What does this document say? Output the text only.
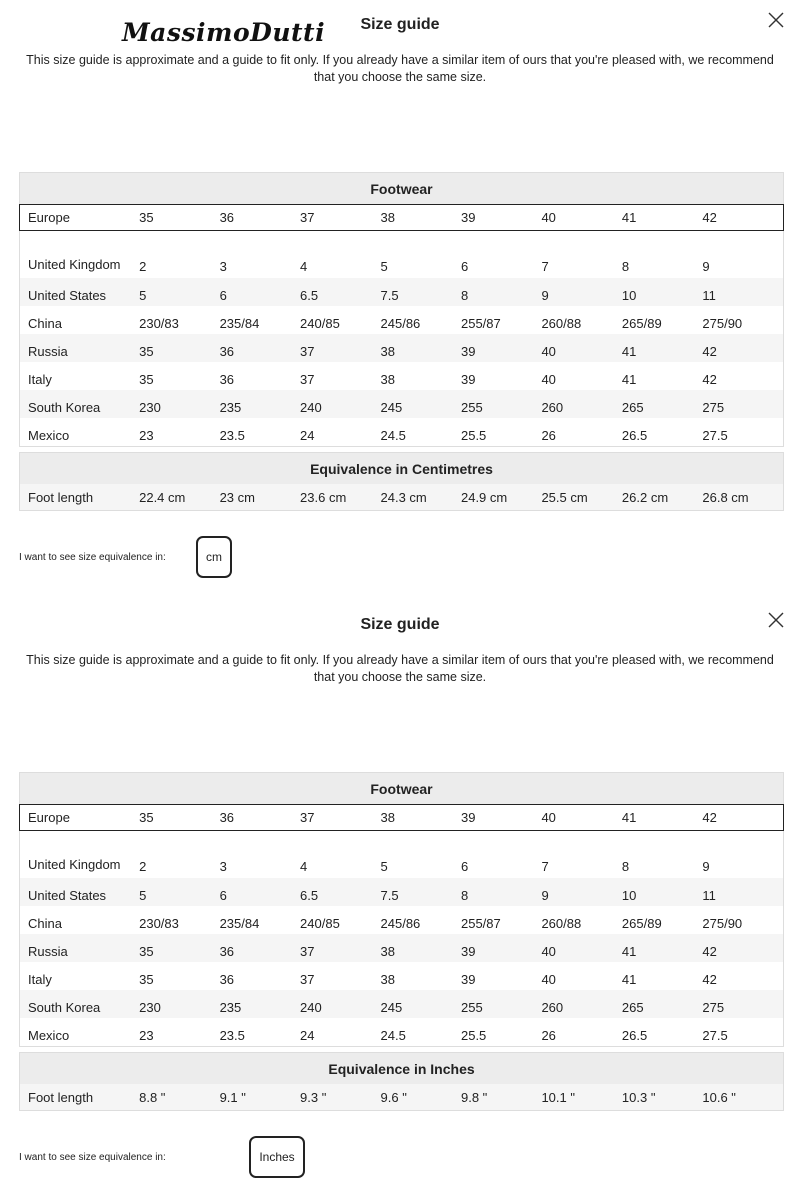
MassimoDutti	Size guide
This size guide is approximate and a guide to fit only. If you already have a similar item of ours that you're pleased with, we recommend that you choose the same size.
Footwear								
Europe	35	36	37	38	39	40	41	42
United Kingdom	2	3	4	5	6	7	8	9
United States	5	6	6.5	7.5	8	9	10	11
China	230/83	235/84	240/85	245/86	255/87	260/88	265/89	275/90
Russia	35	36	37	38	39	40	41	42
Italy	35	36	37	38	39	40	41	42
South Korea	230	235	240	245	255	260	265	275
Mexico	23	23.5	24	24.5	25.5	26	26.5	27.5
Equivalence in Centimetres
Foot length	22.4 cm	23 cm	23.6 cm	24.3 cm	24.9 cm	25.5 cm	26.2 cm	26.8 cm
I want to see size equivalence in:	cm
Size guide
This size guide is approximate and a guide to fit only. If you already have a similar item of ours that you're pleased with, we recommend that you choose the same size.
Footwear								
Europe	35	36	37	38	39	40	41	42
United Kingdom	2	3	4	5	6	7	8	9
United States	5	6	6.5	7.5	8	9	10	11
China	230/83	235/84	240/85	245/86	255/87	260/88	265/89	275/90
Russia	35	36	37	38	39	40	41	42
Italy	35	36	37	38	39	40	41	42
South Korea	230	235	240	245	255	260	265	275
Mexico	23	23.5	24	24.5	25.5	26	26.5	27.5
Equivalence in Inches
Foot length	8.8 "	9.1 "	9.3 "	9.6 "	9.8 "	10.1 "	10.3 "	10.6 "
I want to see size equivalence in:	Inches
